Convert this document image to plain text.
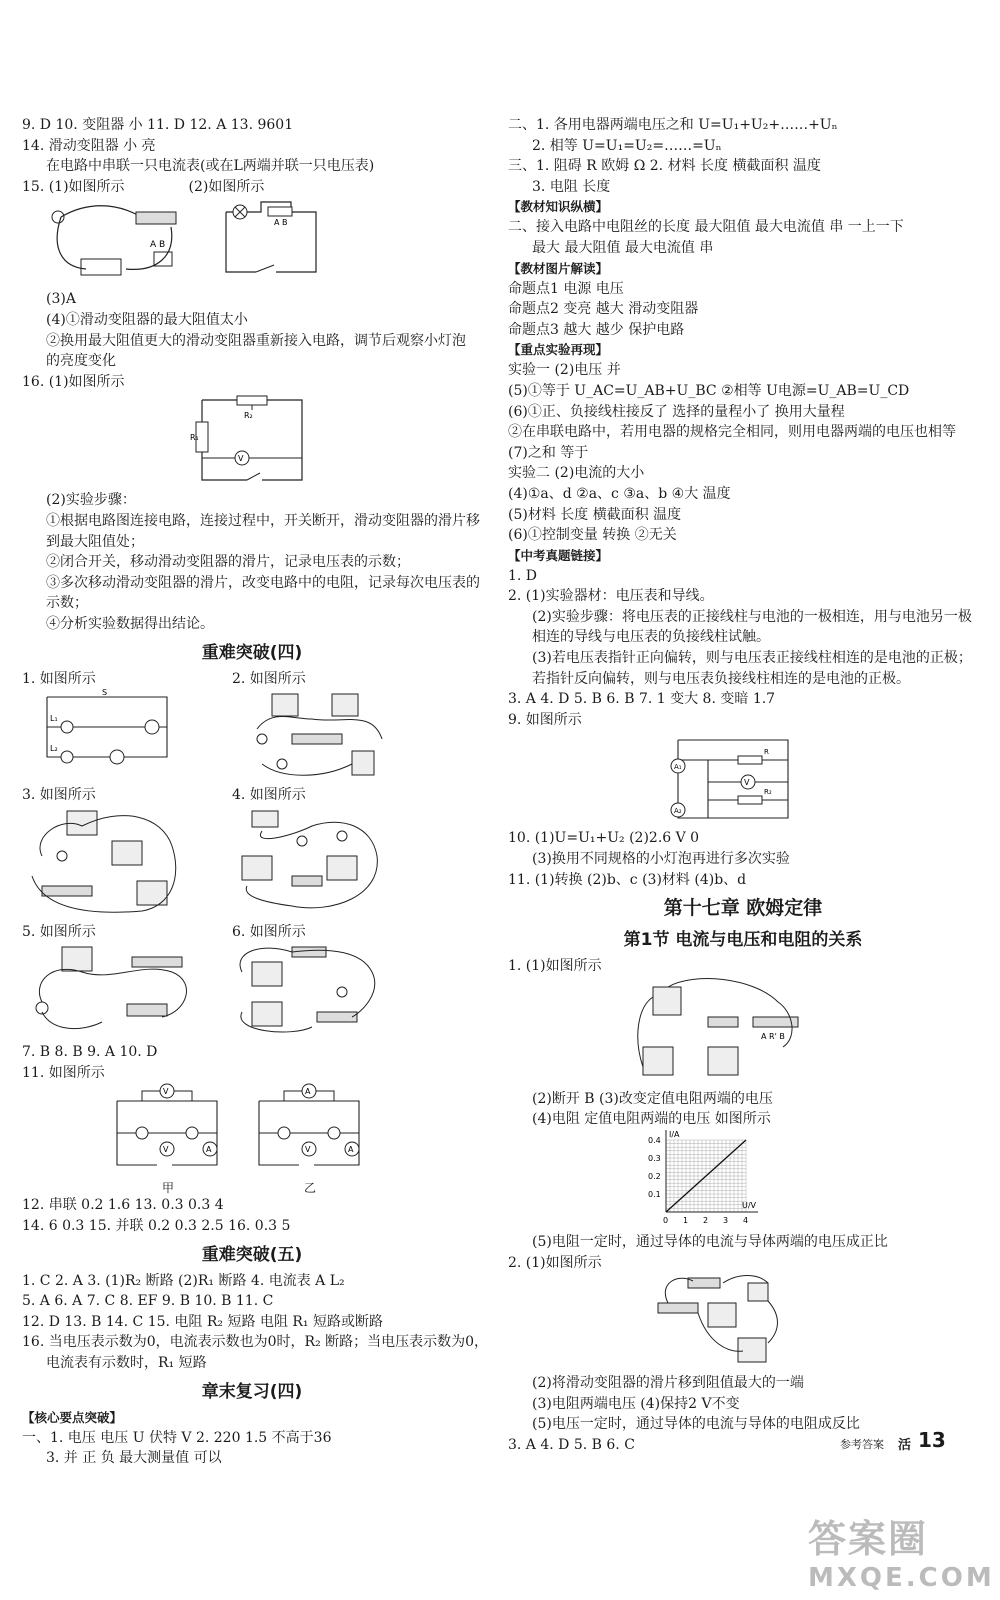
9. D 10. 变阻器 小 11. D 12. A 13. 9601
14. 滑动变阻器 小 亮
在电路中串联一只电流表(或在L两端并联一只电压表)
15. (1)如图所示	(2)如图所示
A B
A B
(3)A
(4)①滑动变阻器的最大阻值太小
②换用最大阻值更大的滑动变阻器重新接入电路，调节后观察小灯泡
的亮度变化
16. (1)如图所示
R₁
R₂
V
(2)实验步骤：
①根据电路图连接电路，连接过程中，开关断开，滑动变阻器的滑片移
到最大阻值处；
②闭合开关，移动滑动变阻器的滑片，记录电压表的示数；
③多次移动滑动变阻器的滑片，改变电路中的电阻，记录每次电压表的
示数；
④分析实验数据得出结论。
重难突破(四)
1. 如图所示
S
L₁
L₂
2. 如图所示
3. 如图所示	4. 如图所示
5. 如图所示	6. 如图所示
7. B 8. B 9. A 10. D
11. 如图所示
V
V	A
甲
A
V	A
乙
12. 串联 0.2 1.6 13. 0.3 0.3 4
14. 6 0.3 15. 并联 0.2 0.3 2.5 16. 0.3 5
重难突破(五)
1. C 2. A 3. (1)R₂ 断路 (2)R₁ 断路 4. 电流表 A L₂
5. A 6. A 7. C 8. EF 9. B 10. B 11. C
12. D 13. B 14. C 15. 电阻 R₂ 短路 电阻 R₁ 短路或断路
16. 当电压表示数为0，电流表示数也为0时，R₂ 断路；当电压表示数为0，
电流表有示数时，R₁ 短路
章末复习(四)
【核心要点突破】
一、1. 电压 电压 U 伏特 V 2. 220 1.5 不高于36
3. 并 正 负 最大测量值 可以
二、1. 各用电器两端电压之和 U=U₁+U₂+……+Uₙ
2. 相等 U=U₁=U₂=……=Uₙ
三、1. 阻碍 R 欧姆 Ω 2. 材料 长度 横截面积 温度
3. 电阻 长度
【教材知识纵横】
二、接入电路中电阻丝的长度 最大阻值 最大电流值 串 一上一下
最大 最大阻值 最大电流值 串
【教材图片解读】
命题点1 电源 电压
命题点2 变亮 越大 滑动变阻器
命题点3 越大 越少 保护电路
【重点实验再现】
实验一 (2)电压 并
(5)①等于 U_AC=U_AB+U_BC ②相等 U电源=U_AB=U_CD
(6)①正、负接线柱接反了 选择的量程小了 换用大量程
②在串联电路中，若用电器的规格完全相同，则用电器两端的电压也相等
(7)之和 等于
实验二 (2)电流的大小
(4)①a、d ②a、c ③a、b ④大 温度
(5)材料 长度 横截面积 温度
(6)①控制变量 转换 ②无关
【中考真题链接】
1. D
2. (1)实验器材：电压表和导线。
(2)实验步骤：将电压表的正接线柱与电池的一极相连，用与电池另一极
相连的导线与电压表的负接线柱试触。
(3)若电压表指针正向偏转，则与电压表正接线柱相连的是电池的正极；
若指针反向偏转，则与电压表负接线柱相连的是电池的正极。
3. A 4. D 5. B 6. B 7. 1 变大 8. 变暗 1.7
9. 如图所示
A₁
A₂
V
R
R₂
10. (1)U=U₁+U₂ (2)2.6 V 0
(3)换用不同规格的小灯泡再进行多次实验
11. (1)转换 (2)b、c (3)材料 (4)b、d
第十七章 欧姆定律
第1节 电流与电压和电阻的关系
1. (1)如图所示
A R' B
(2)断开 B (3)改变定值电阻两端的电压
(4)电阻 定值电阻两端的电压 如图所示
0 1 2 3 4
0.1
0.2
0.3
0.4
U/V
I/A
(5)电阻一定时，通过导体的电流与导体两端的电压成正比
2. (1)如图所示
(2)将滑动变阻器的滑片移到阻值最大的一端
(3)电阻两端电压 (4)保持2 V不变
(5)电压一定时，通过导体的电流与导体的电阻成反比
3. A 4. D 5. B 6. C	参考答案 活 13
答案圈
MXQE.COM
